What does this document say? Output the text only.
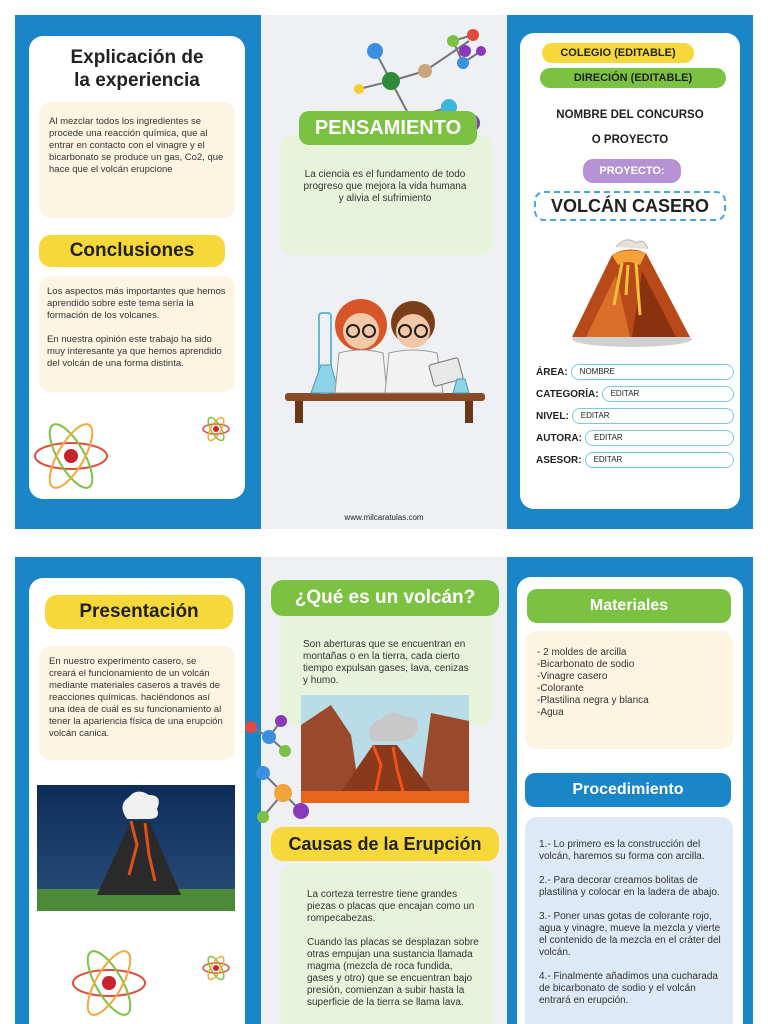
Explicación de
la experiencia
Al mezclar todos los ingredientes se procede una reacción química, que al entrar en contacto con el vinagre y el bicarbonato se produce un gas, Co2, que hace que el volcán erupcione
Conclusiones
Los aspectos más importantes que hemos aprendido sobre este tema sería la formación de los volcanes.
En nuestra opinión este trabajo ha sido muy interesante ya que hemos aprendido del volcán de una forma distinta.
La ciencia es el fundamento de todo progreso que mejora la vida humana y alivia el sufrimiento
PENSAMIENTO
www.milcaratulas.com
COLEGIO (EDITABLE)
DIRECIÓN (EDITABLE)
NOMBRE DEL CONCURSO
O PROYECTO
PROYECTO:
VOLCÁN CASERO
ÁREA:	NOMBRE
CATEGORÍA:	EDITAR
NIVEL:	EDITAR
AUTORA:	EDITAR
ASESOR:	EDITAR
Presentación
En nuestro experimento casero, se creará el funcionamiento de un volcán mediante materiales caseros a través de reacciones químicas. haciéndonos así una idea de cuál es su funcionamiento al tener la apariencia física de una erupción volcán canica.
Son aberturas que se encuentran en montañas o en la tierra, cada cierto tiempo expulsan gases, lava, cenizas y humo.
¿Qué es un volcán?
La corteza terrestre tiene grandes piezas o placas que encajan como un rompecabezas.
Cuando las placas se desplazan sobre otras empujan una sustancia llamada magma (mezcla de roca fundida, gases y otro) que se encuentran bajo presión, comienzan a subir hasta la superficie de la tierra se llama lava.
Causas de la Erupción
Materiales
- 2 moldes de arcilla
-Bicarbonato de sodio
-Vinagre casero
-Colorante
-Plastilina negra y blanca
-Agua
Procedimiento
1.- Lo primero es la construcción del volcán, haremos su forma con arcilla.
2.- Para decorar creamos bolitas de plastilina y colocar en la ladera de abajo.
3.- Poner unas gotas de colorante rojo, agua y vinagre, mueve la mezcla y vierte el contenido de la mezcla en el cráter del volcán.
4.- Finalmente añadimos una cucharada de bicarbonato de sodio y el volcán entrará en erupción.
